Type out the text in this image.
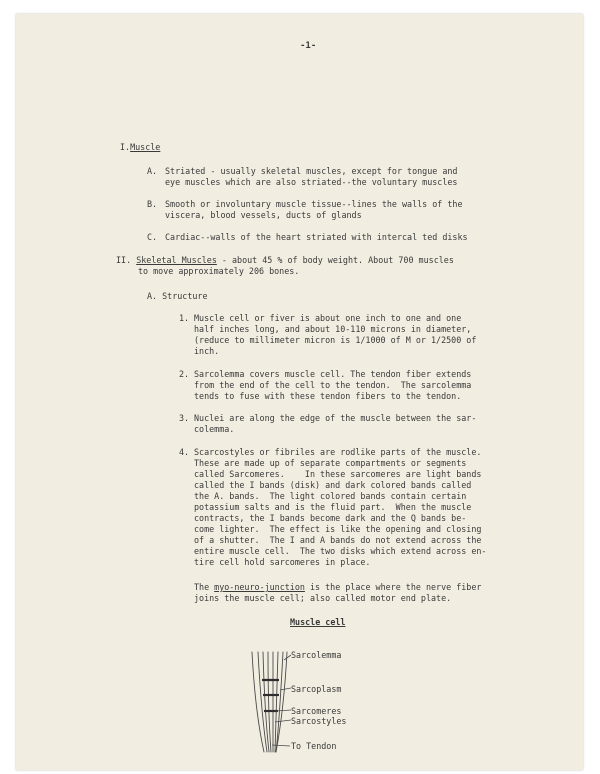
-1-
I.Muscle
A. Striated - usually skeletal muscles, except for tongue and
eye muscles which are also striated--the voluntary muscles
B. Smooth or involuntary muscle tissue--lines the walls of the
viscera, blood vessels, ducts of glands
C. Cardiac--walls of the heart striated with intercal ted disks
II. Skeletal Muscles - about 45 % of body weight. About 700 muscles
to move approximately 206 bones.
A. Structure
1. Muscle cell or fiver is about one inch to one and one
half inches long, and about 10-110 microns in diameter,
(reduce to millimeter micron is 1/1000 of M or 1/2500 of
inch.
2. Sarcolemma covers muscle cell. The tendon fiber extends
from the end of the cell to the tendon.  The sarcolemma
tends to fuse with these tendon fibers to the tendon.
3. Nuclei are along the edge of the muscle between the sar-
colemma.
4. Scarcostyles or fibriles are rodlike parts of the muscle.
These are made up of separate compartments or segments
called Sarcomeres.    In these sarcomeres are light bands
called the I bands (disk) and dark colored bands called
the A. bands.  The light colored bands contain certain
potassium salts and is the fluid part.  When the muscle
contracts, the I bands become dark and the Q bands be-
come lighter.  The effect is like the opening and closing
of a shutter.  The I and A bands do not extend across the
entire muscle cell.  The two disks which extend across en-
tire cell hold sarcomeres in place.
The myo-neuro-junction is the place where the nerve fiber
joins the muscle cell; also called motor end plate.
Muscle cell
Sarcolemma
Sarcoplasm
Sarcomeres
Sarcostyles
To Tendon
